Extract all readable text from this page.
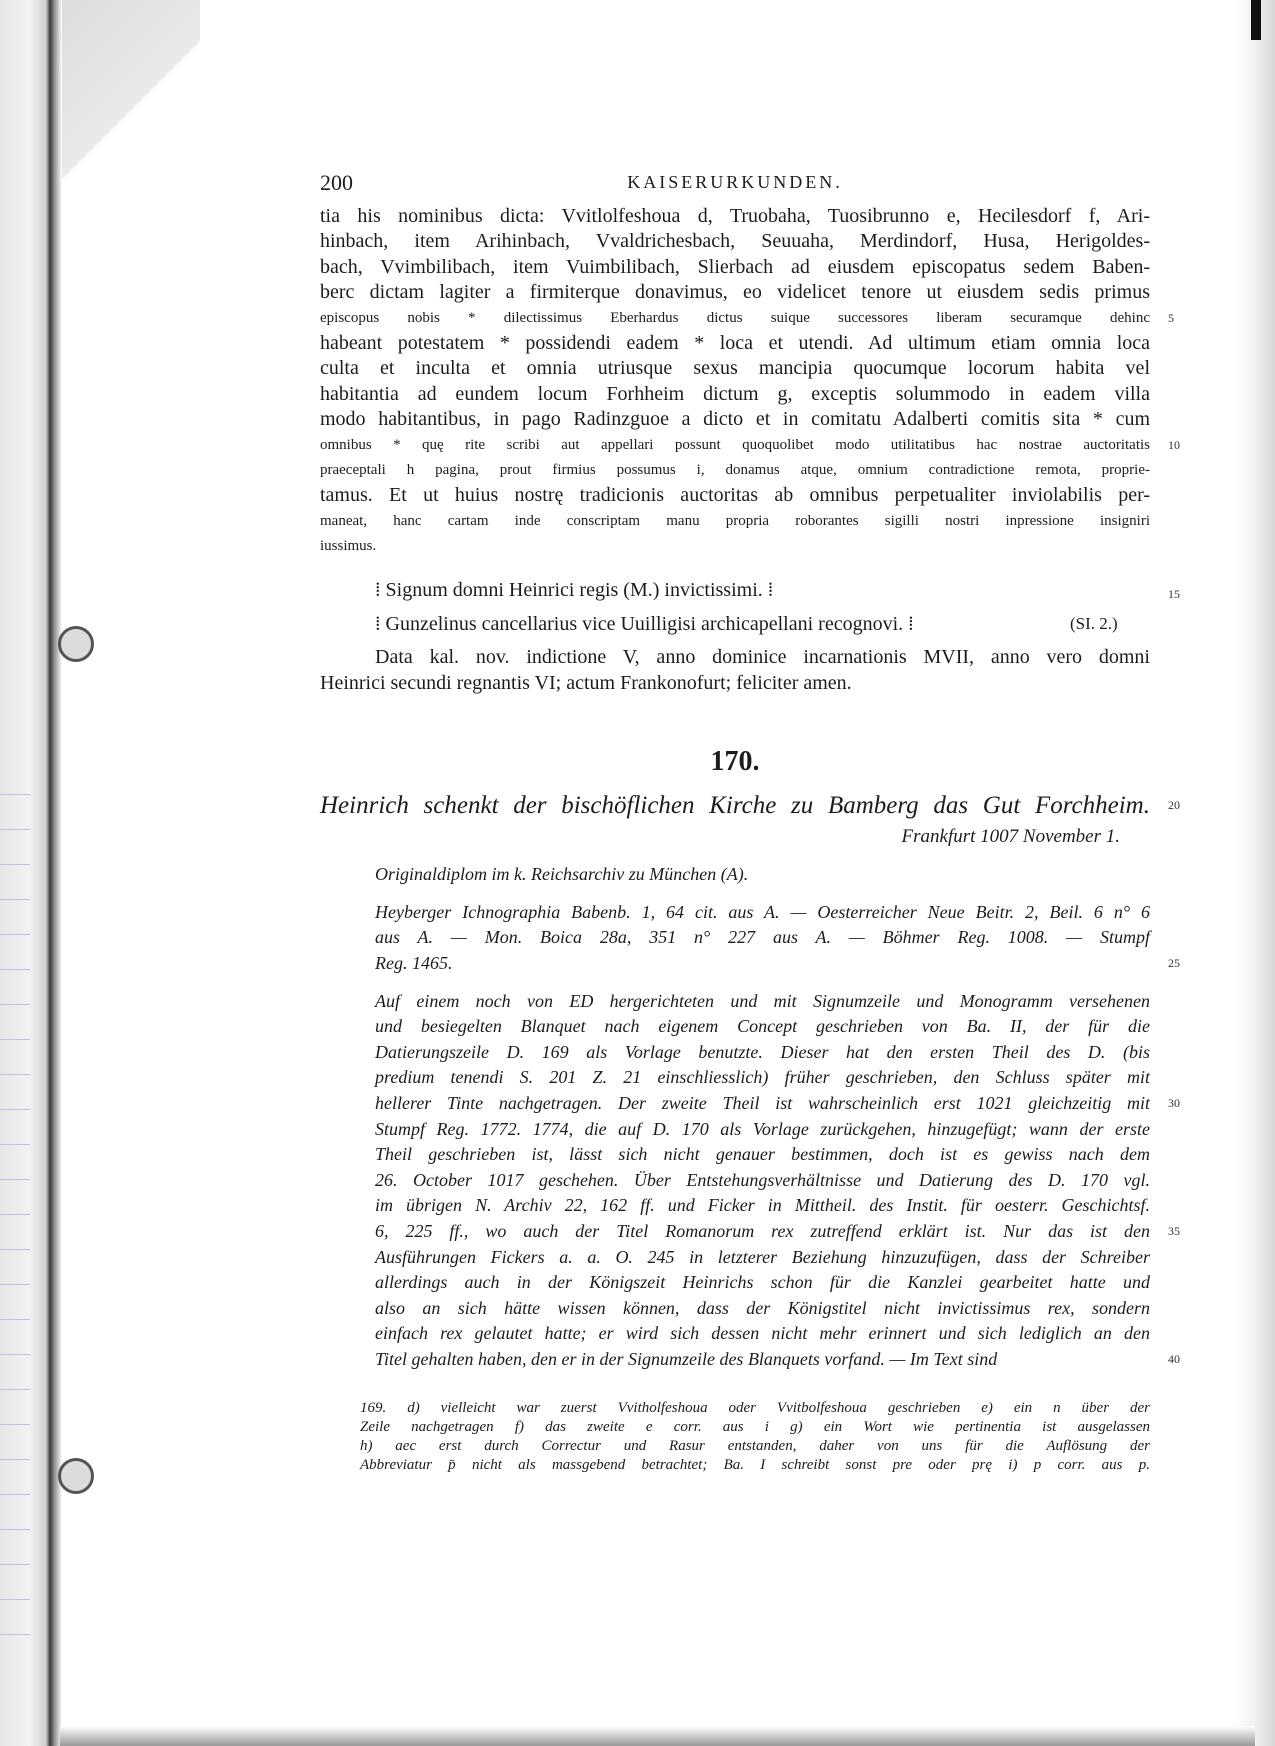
200	KAISERURKUNDEN.
tia his nominibus dicta: Vvitlolfeshoua d, Truobaha, Tuosibrunno e, Hecilesdorf f, Ari-
hinbach, item Arihinbach, Vvaldrichesbach, Seuuaha, Merdindorf, Husa, Herigoldes-
bach, Vvimbilibach, item Vuimbilibach, Slierbach ad eiusdem episcopatus sedem Baben-
berc dictam lagiter a firmiterque donavimus, eo videlicet tenore ut eiusdem sedis primus
episcopus nobis * dilectissimus Eberhardus dictus suique successores liberam securamque dehinc 5
habeant potestatem * possidendi eadem * loca et utendi. Ad ultimum etiam omnia loca
culta et inculta et omnia utriusque sexus mancipia quocumque locorum habita vel
habitantia ad eundem locum Forhheim dictum g, exceptis solummodo in eadem villa
modo habitantibus, in pago Radinzguoe a dicto et in comitatu Adalberti comitis sita * cum
omnibus * quę rite scribi aut appellari possunt quoquolibet modo utilitatibus hac nostrae auctoritatis 10
praeceptali h pagina, prout firmius possumus i, donamus atque, omnium contradictione remota, proprie-
tamus. Et ut huius nostrę tradicionis auctoritas ab omnibus perpetualiter inviolabilis per-
maneat, hanc cartam inde conscriptam manu propria roborantes sigilli nostri inpressione insigniri
iussimus.
⁞ Signum domni Heinrici regis (M.) invictissimi. ⁞	15
⁞ Gunzelinus cancellarius vice Uuilligisi archicapellani recognovi. ⁞	(SI. 2.)
Data kal. nov. indictione V, anno dominice incarnationis MVII, anno vero domni
Heinrici secundi regnantis VI; actum Frankonofurt; feliciter amen.
170.
Heinrich schenkt der bischöflichen Kirche zu Bamberg das Gut Forchheim. 20
Frankfurt 1007 November 1.
Originaldiplom im k. Reichsarchiv zu München (A).
Heyberger Ichnographia Babenb. 1, 64 cit. aus A. — Oesterreicher Neue Beitr. 2, Beil. 6 n° 6
aus A. — Mon. Boica 28a, 351 n° 227 aus A. — Böhmer Reg. 1008. — Stumpf
Reg. 1465.	25
Auf einem noch von ED hergerichteten und mit Signumzeile und Monogramm versehenen
und besiegelten Blanquet nach eigenem Concept geschrieben von Ba. II, der für die
Datierungszeile D. 169 als Vorlage benutzte. Dieser hat den ersten Theil des D. (bis
predium tenendi S. 201 Z. 21 einschliesslich) früher geschrieben, den Schluss später mit
hellerer Tinte nachgetragen. Der zweite Theil ist wahrscheinlich erst 1021 gleichzeitig mit 30
Stumpf Reg. 1772. 1774, die auf D. 170 als Vorlage zurückgehen, hinzugefügt; wann der erste
Theil geschrieben ist, lässt sich nicht genauer bestimmen, doch ist es gewiss nach dem
26. October 1017 geschehen. Über Entstehungsverhältnisse und Datierung des D. 170 vgl.
im übrigen N. Archiv 22, 162 ff. und Ficker in Mittheil. des Instit. für oesterr. Geschichtsf.
6, 225 ff., wo auch der Titel Romanorum rex zutreffend erklärt ist. Nur das ist den 35
Ausführungen Fickers a. a. O. 245 in letzterer Beziehung hinzuzufügen, dass der Schreiber
allerdings auch in der Königszeit Heinrichs schon für die Kanzlei gearbeitet hatte und
also an sich hätte wissen können, dass der Königstitel nicht invictissimus rex, sondern
einfach rex gelautet hatte; er wird sich dessen nicht mehr erinnert und sich lediglich an den
Titel gehalten haben, den er in der Signumzeile des Blanquets vorfand. — Im Text sind	40
169. d) vielleicht war zuerst Vvitholfeshoua oder Vvitbolfeshoua geschrieben e) ein n über der
Zeile nachgetragen f) das zweite e corr. aus i g) ein Wort wie pertinentia ist ausgelassen
h) aec erst durch Correctur und Rasur entstanden, daher von uns für die Auflösung der
Abbreviatur p̄ nicht als massgebend betrachtet; Ba. I schreibt sonst pre oder prę i) p corr. aus p.
